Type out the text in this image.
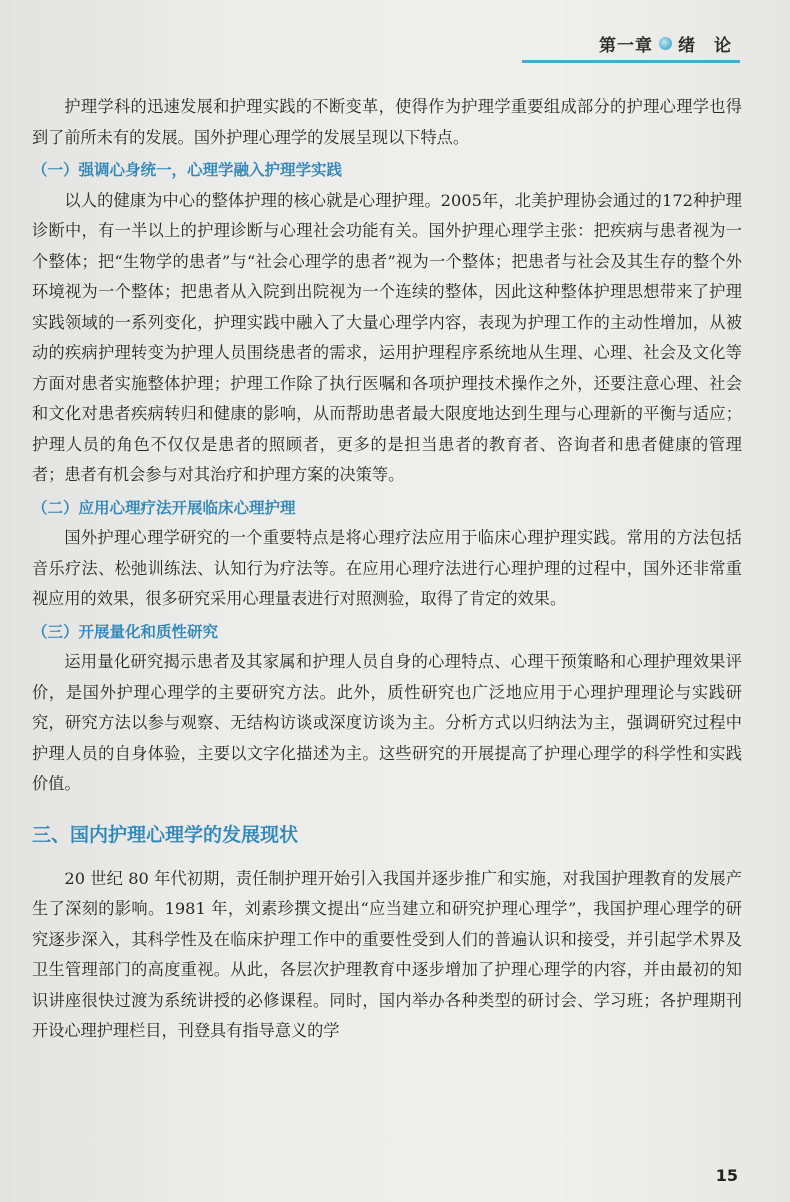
第一章 绪　论

护理学科的迅速发展和护理实践的不断变革，使得作为护理学重要组成部分的护理心理学也得到了前所未有的发展。国外护理心理学的发展呈现以下特点。

（一）强调心身统一，心理学融入护理学实践

以人的健康为中心的整体护理的核心就是心理护理。2005年，北美护理协会通过的172种护理诊断中，有一半以上的护理诊断与心理社会功能有关。国外护理心理学主张：把疾病与患者视为一个整体；把“生物学的患者”与“社会心理学的患者”视为一个整体；把患者与社会及其生存的整个外环境视为一个整体；把患者从入院到出院视为一个连续的整体，因此这种整体护理思想带来了护理实践领域的一系列变化，护理实践中融入了大量心理学内容，表现为护理工作的主动性增加，从被动的疾病护理转变为护理人员围绕患者的需求，运用护理程序系统地从生理、心理、社会及文化等方面对患者实施整体护理；护理工作除了执行医嘱和各项护理技术操作之外，还要注意心理、社会和文化对患者疾病转归和健康的影响，从而帮助患者最大限度地达到生理与心理新的平衡与适应；护理人员的角色不仅仅是患者的照顾者，更多的是担当患者的教育者、咨询者和患者健康的管理者；患者有机会参与对其治疗和护理方案的决策等。

（二）应用心理疗法开展临床心理护理

国外护理心理学研究的一个重要特点是将心理疗法应用于临床心理护理实践。常用的方法包括音乐疗法、松弛训练法、认知行为疗法等。在应用心理疗法进行心理护理的过程中，国外还非常重视应用的效果，很多研究采用心理量表进行对照测验，取得了肯定的效果。

（三）开展量化和质性研究

运用量化研究揭示患者及其家属和护理人员自身的心理特点、心理干预策略和心理护理效果评价，是国外护理心理学的主要研究方法。此外，质性研究也广泛地应用于心理护理理论与实践研究，研究方法以参与观察、无结构访谈或深度访谈为主。分析方式以归纳法为主，强调研究过程中护理人员的自身体验，主要以文字化描述为主。这些研究的开展提高了护理心理学的科学性和实践价值。

三、国内护理心理学的发展现状

20 世纪 80 年代初期，责任制护理开始引入我国并逐步推广和实施，对我国护理教育的发展产生了深刻的影响。1981 年，刘素珍撰文提出“应当建立和研究护理心理学”，我国护理心理学的研究逐步深入，其科学性及在临床护理工作中的重要性受到人们的普遍认识和接受，并引起学术界及卫生管理部门的高度重视。从此，各层次护理教育中逐步增加了护理心理学的内容，并由最初的知识讲座很快过渡为系统讲授的必修课程。同时，国内举办各种类型的研讨会、学习班；各护理期刊开设心理护理栏目，刊登具有指导意义的学

15
